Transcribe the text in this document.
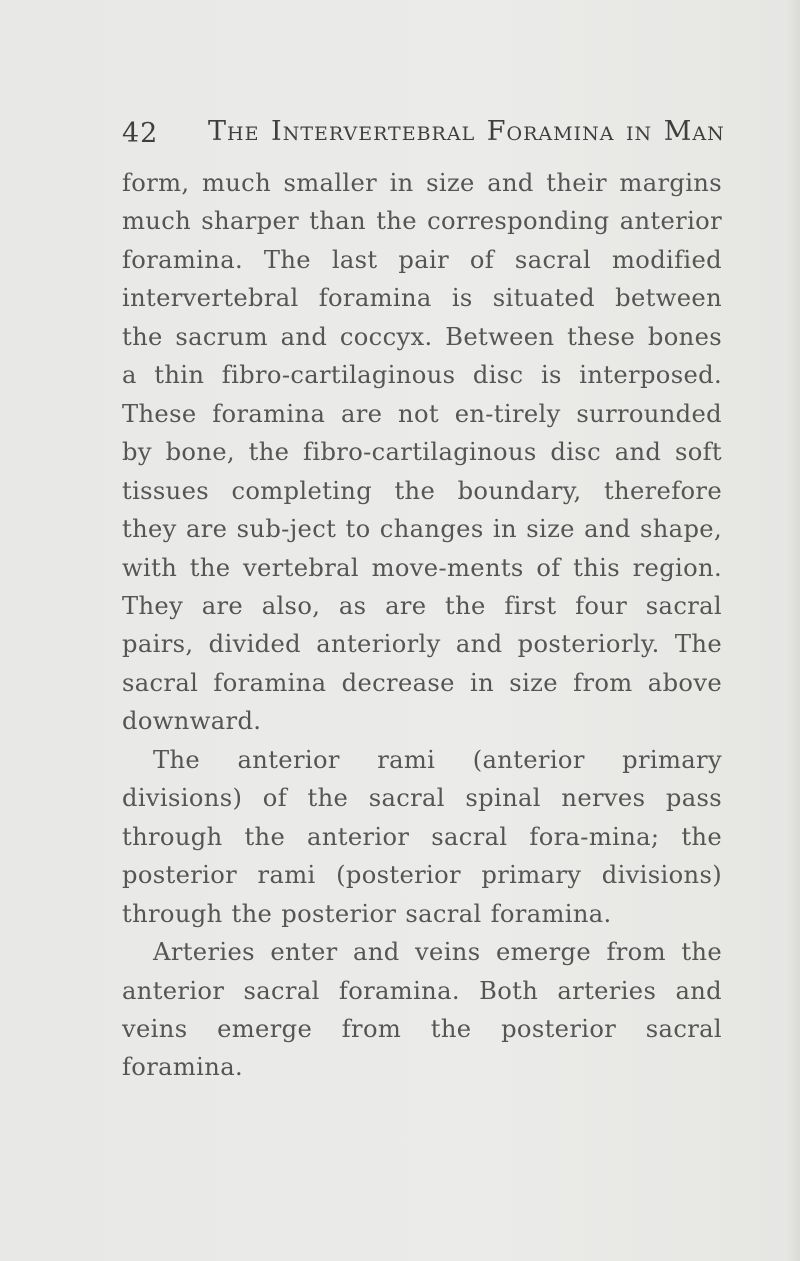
42 The Intervertebral Foramina in Man

form, much smaller in size and their margins much sharper than the corresponding anterior foramina. The last pair of sacral modified intervertebral foramina is situated between the sacrum and coccyx. Between these bones a thin fibro-cartilaginous disc is interposed. These foramina are not en-tirely surrounded by bone, the fibro-cartilaginous disc and soft tissues completing the boundary, therefore they are sub-ject to changes in size and shape, with the vertebral move-ments of this region. They are also, as are the first four sacral pairs, divided anteriorly and posteriorly. The sacral foramina decrease in size from above downward.

The anterior rami (anterior primary divisions) of the sacral spinal nerves pass through the anterior sacral fora-mina; the posterior rami (posterior primary divisions) through the posterior sacral foramina.

Arteries enter and veins emerge from the anterior sacral foramina. Both arteries and veins emerge from the posterior sacral foramina.
